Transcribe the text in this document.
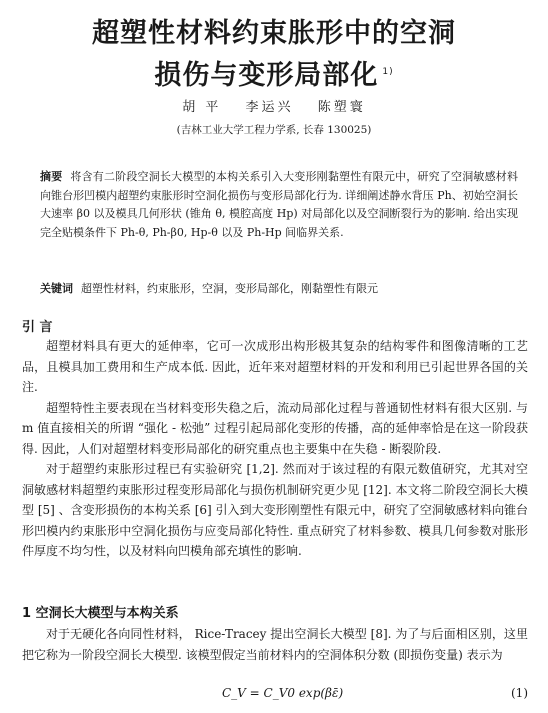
超塑性材料约束胀形中的空洞
损伤与变形局部化 $^{1)}$
胡 平 李运兴 陈塑寰
(吉林工业大学工程力学系, 长春 130025)
摘要 将含有二阶段空洞长大模型的本构关系引入大变形刚黏塑性有限元中，研究了空洞敏感材料向锥台形凹模内超塑约束胀形时空洞化损伤与变形局部化行为. 详细阐述静水背压 Ph、初始空洞长大速率 β0 以及模具几何形状 (锥角 θ, 模腔高度 Hp) 对局部化以及空洞断裂行为的影响. 给出实现完全贴模条件下 Ph-θ, Ph-β0, Hp-θ 以及 Ph-Hp 间临界关系.
关键词 超塑性材料，约束胀形，空洞，变形局部化，刚黏塑性有限元
引 言

超塑材料具有更大的延伸率，它可一次成形出构形极其复杂的结构零件和图像清晰的工艺品，且模具加工费用和生产成本低. 因此，近年来对超塑材料的开发和利用已引起世界各国的关注.

超塑特性主要表现在当材料变形失稳之后，流动局部化过程与普通韧性材料有很大区别. 与 m 值直接相关的所谓 “强化 - 松弛” 过程引起局部化变形的传播，高的延伸率恰是在这一阶段获得. 因此，人们对超塑材料变形局部化的研究重点也主要集中在失稳 - 断裂阶段.

对于超塑约束胀形过程已有实验研究 [1,2]. 然而对于该过程的有限元数值研究，尤其对空洞敏感材料超塑约束胀形过程变形局部化与损伤机制研究更少见 [12]. 本文将二阶段空洞长大模型 [5] 、含变形损伤的本构关系 [6] 引入到大变形刚塑性有限元中，研究了空洞敏感材料向锥台形凹模内约束胀形中空洞化损伤与应变局部化特性. 重点研究了材料参数、模具几何参数对胀形件厚度不均匀性，以及材料向凹模角部充填性的影响.

1 空洞长大模型与本构关系

对于无硬化各向同性材料， Rice-Tracey 提出空洞长大模型 [8]. 为了与后面相区别，这里把它称为一阶段空洞长大模型. 该模型假定当前材料内的空洞体积分数 (即损伤变量) 表示为

C_V = C_V0 exp(βε̄)	(1)
